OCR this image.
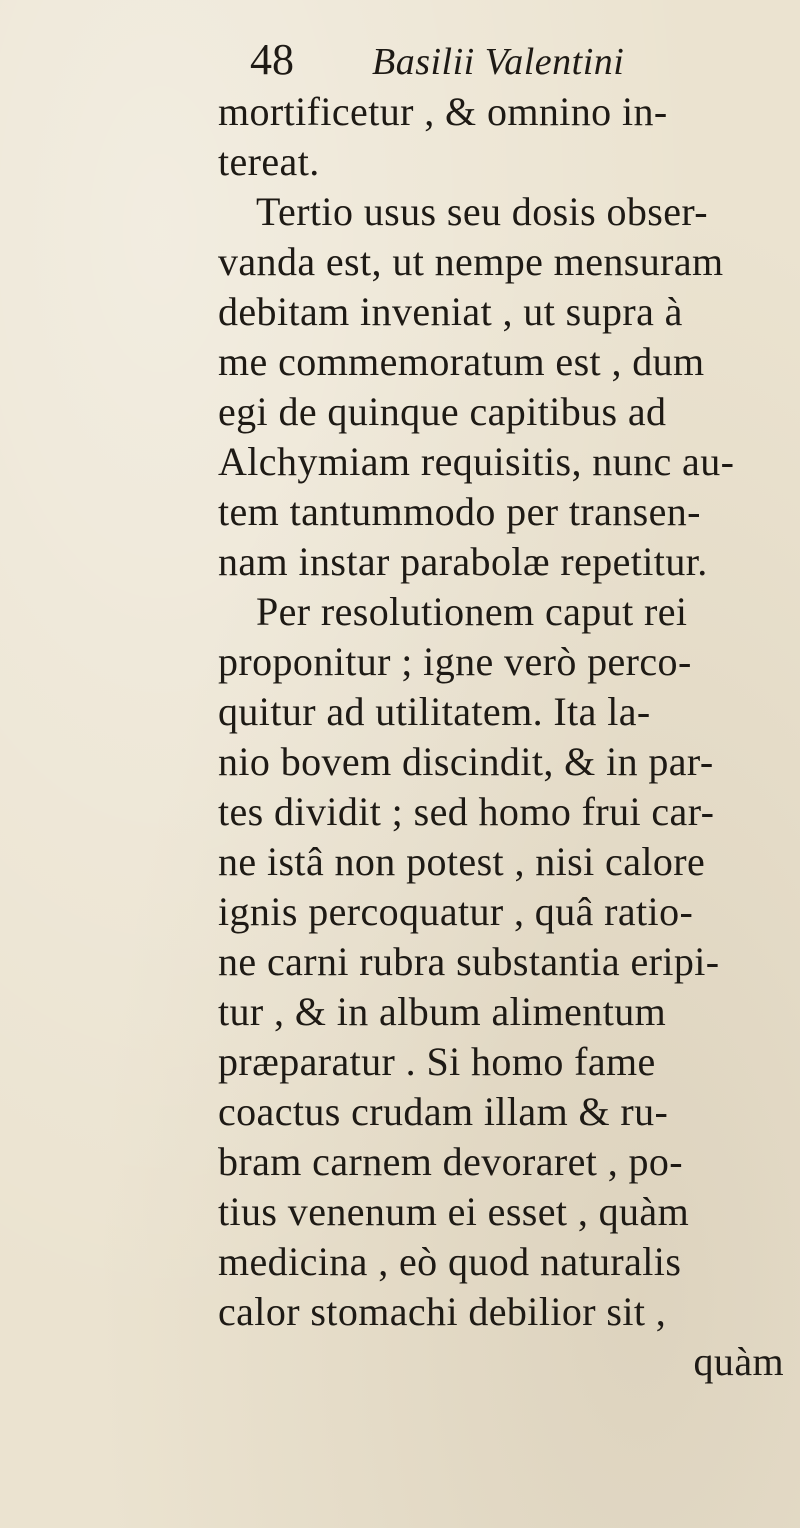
48 Basilii Valentini
mortificetur , & omnino in-
tereat.
Tertio usus seu dosis obser-
vanda est, ut nempe mensuram
debitam inveniat , ut supra à
me commemoratum est , dum
egi de quinque capitibus ad
Alchymiam requisitis, nunc au-
tem tantummodo per transen-
nam instar parabolæ repetitur.
Per resolutionem caput rei
proponitur ; igne verò perco-
quitur ad utilitatem. Ita la-
nio bovem discindit, & in par-
tes dividit ; sed homo frui car-
ne istâ non potest , nisi calore
ignis percoquatur , quâ ratio-
ne carni rubra substantia eripi-
tur , & in album alimentum
præparatur . Si homo fame
coactus crudam illam & ru-
bram carnem devoraret , po-
tius venenum ei esset , quàm
medicina , eò quod naturalis
calor stomachi debilior sit ,
quàm
